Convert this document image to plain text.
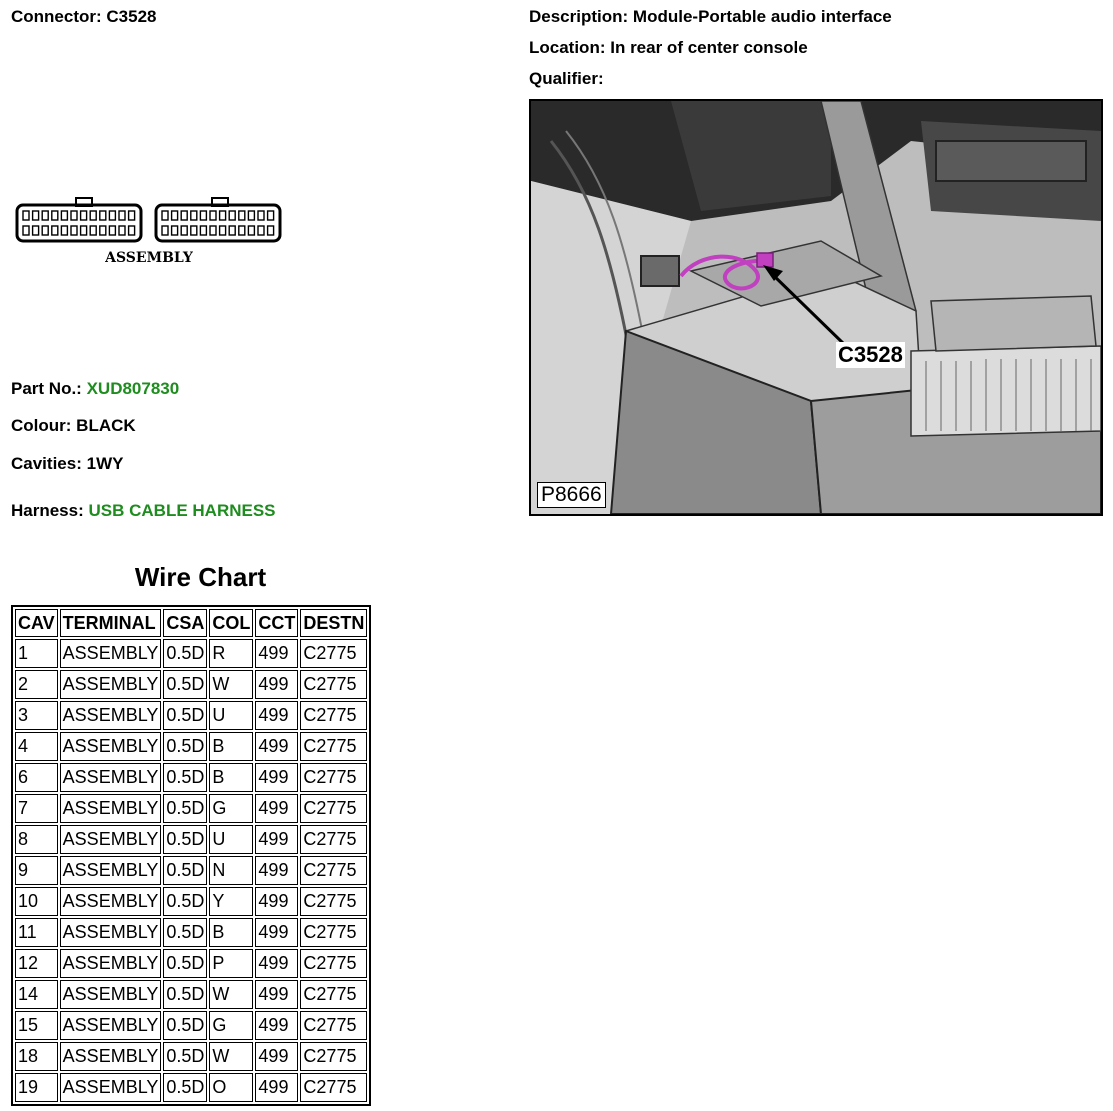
Connector: C3528
ASSEMBLY
Part No.: XUD807830
Colour: BLACK
Cavities: 1WY
Harness: USB CABLE HARNESS
Description: Module-Portable audio interface
Location: In rear of center console
Qualifier:
C3528
P8666
Wire Chart
CAV	TERMINAL	CSA	COL	CCT	DESTN
1	ASSEMBLY	0.5D	R	499	C2775
2	ASSEMBLY	0.5D	W	499	C2775
3	ASSEMBLY	0.5D	U	499	C2775
4	ASSEMBLY	0.5D	B	499	C2775
6	ASSEMBLY	0.5D	B	499	C2775
7	ASSEMBLY	0.5D	G	499	C2775
8	ASSEMBLY	0.5D	U	499	C2775
9	ASSEMBLY	0.5D	N	499	C2775
10	ASSEMBLY	0.5D	Y	499	C2775
11	ASSEMBLY	0.5D	B	499	C2775
12	ASSEMBLY	0.5D	P	499	C2775
14	ASSEMBLY	0.5D	W	499	C2775
15	ASSEMBLY	0.5D	G	499	C2775
18	ASSEMBLY	0.5D	W	499	C2775
19	ASSEMBLY	0.5D	O	499	C2775
